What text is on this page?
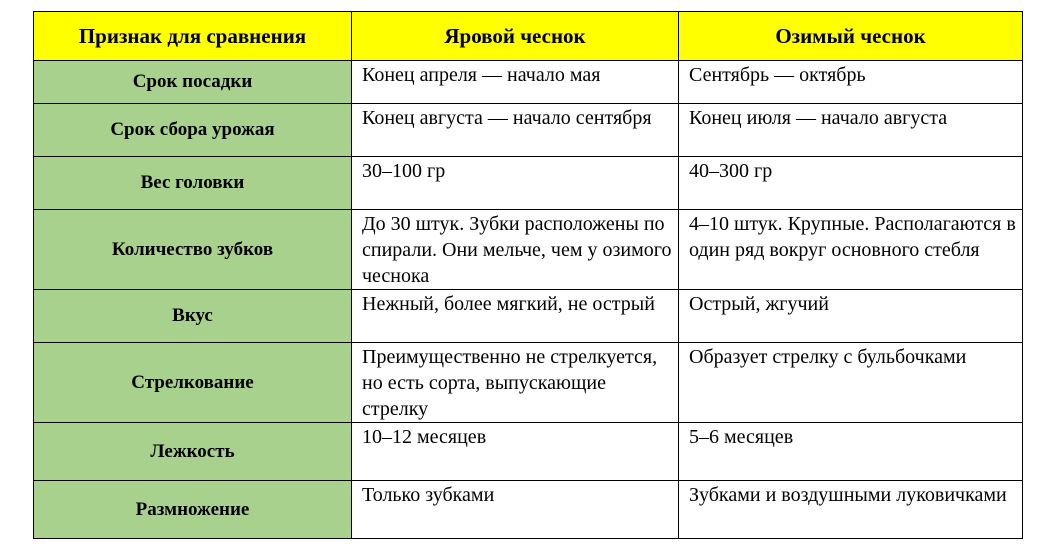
Признак для сравнения	Яровой чеснок	Озимый чеснок
Срок посадки	Конец апреля — начало мая	Сентябрь — октябрь
Срок сбора урожая	Конец августа — начало сентября	Конец июля — начало августа
Вес головки	30–100 гр	40–300 гр
Количество зубков	До 30 штук. Зубки расположены по спирали. Они мельче, чем у озимого чеснока	4–10 штук. Крупные. Располагаются в один ряд вокруг основного стебля
Вкус	Нежный, более мягкий, не острый	Острый, жгучий
Стрелкование	Преимущественно не стрелкуется, но есть сорта, выпускающие стрелку	Образует стрелку с бульбочками
Лежкость	10–12 месяцев	5–6 месяцев
Размножение	Только зубками	Зубками и воздушными луковичками
